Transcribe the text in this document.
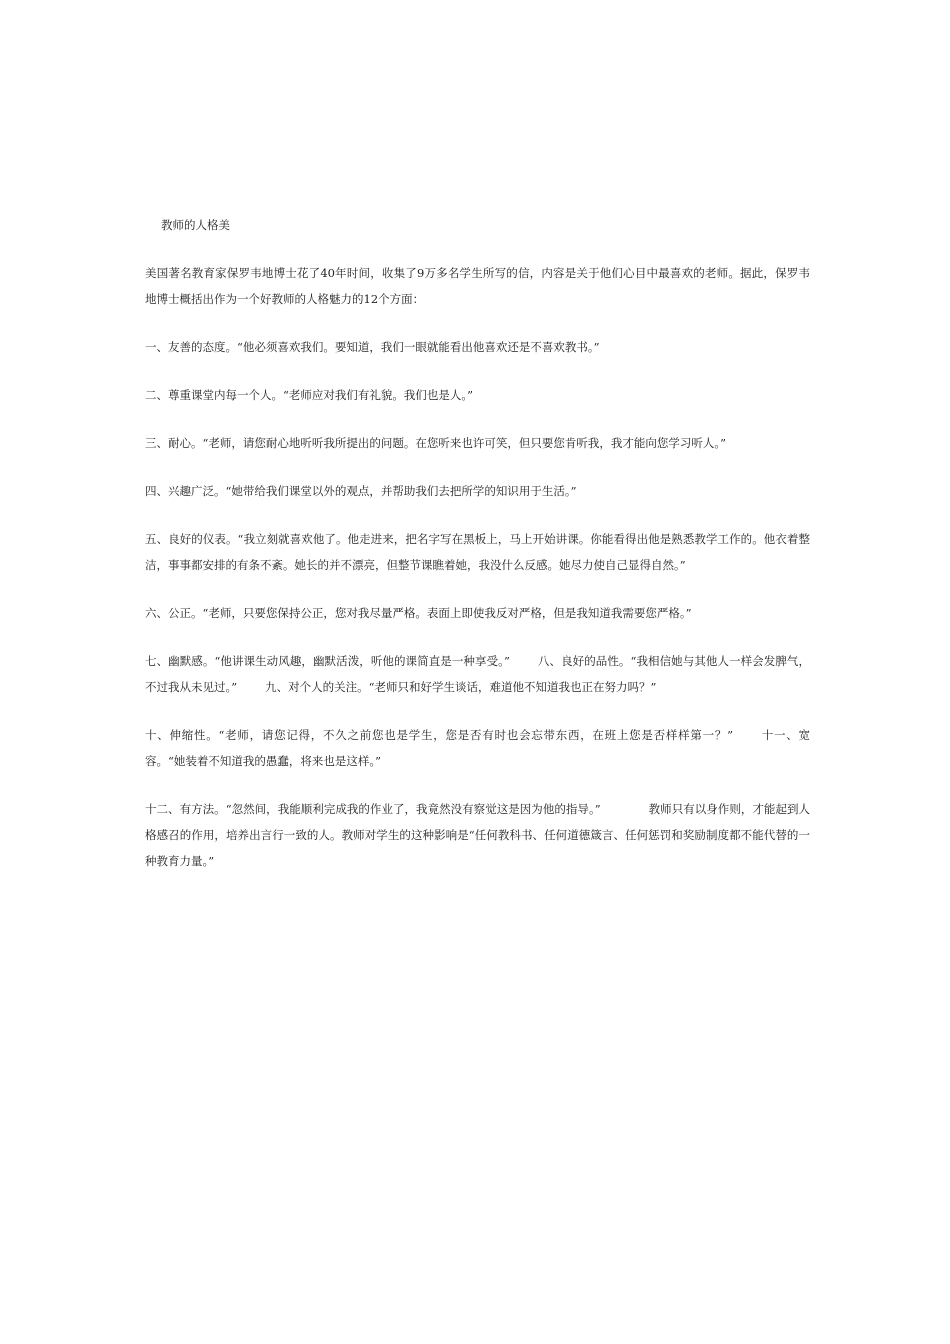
教师的人格美

美国著名教育家保罗韦地博士花了40年时间，收集了9万多名学生所写的信，内容是关于他们心目中最喜欢的老师。据此，保罗韦地博士概括出作为一个好教师的人格魅力的12个方面：

一、友善的态度。“他必须喜欢我们。要知道，我们一眼就能看出他喜欢还是不喜欢教书。”

二、尊重课堂内每一个人。“老师应对我们有礼貌。我们也是人。”

三、耐心。“老师，请您耐心地听听我所提出的问题。在您听来也许可笑，但只要您肯听我，我才能向您学习听人。”

四、兴趣广泛。“她带给我们课堂以外的观点，并帮助我们去把所学的知识用于生活。”

五、良好的仪表。“我立刻就喜欢他了。他走进来，把名字写在黑板上，马上开始讲课。你能看得出他是熟悉教学工作的。他衣着整洁，事事都安排的有条不紊。她长的并不漂亮，但整节课瞧着她，我没什么反感。她尽力使自己显得自然。”

六、公正。“老师，只要您保持公正，您对我尽量严格。表面上即使我反对严格，但是我知道我需要您严格。”

七、幽默感。“他讲课生动风趣，幽默活泼，听他的课简直是一种享受。” 八、良好的品性。“我相信她与其他人一样会发脾气，不过我从未见过。” 九、对个人的关注。“老师只和好学生谈话，难道他不知道我也正在努力吗？”

十、伸缩性。“老师，请您记得，不久之前您也是学生，您是否有时也会忘带东西，在班上您是否样样第一？” 十一、宽容。“她装着不知道我的愚蠢，将来也是这样。”

十二、有方法。“忽然间，我能顺利完成我的作业了，我竟然没有察觉这是因为他的指导。”	教师只有以身作则，才能起到人格感召的作用，培养出言行一致的人。教师对学生的这种影响是“任何教科书、任何道德箴言、任何惩罚和奖励制度都不能代替的一种教育力量。”
